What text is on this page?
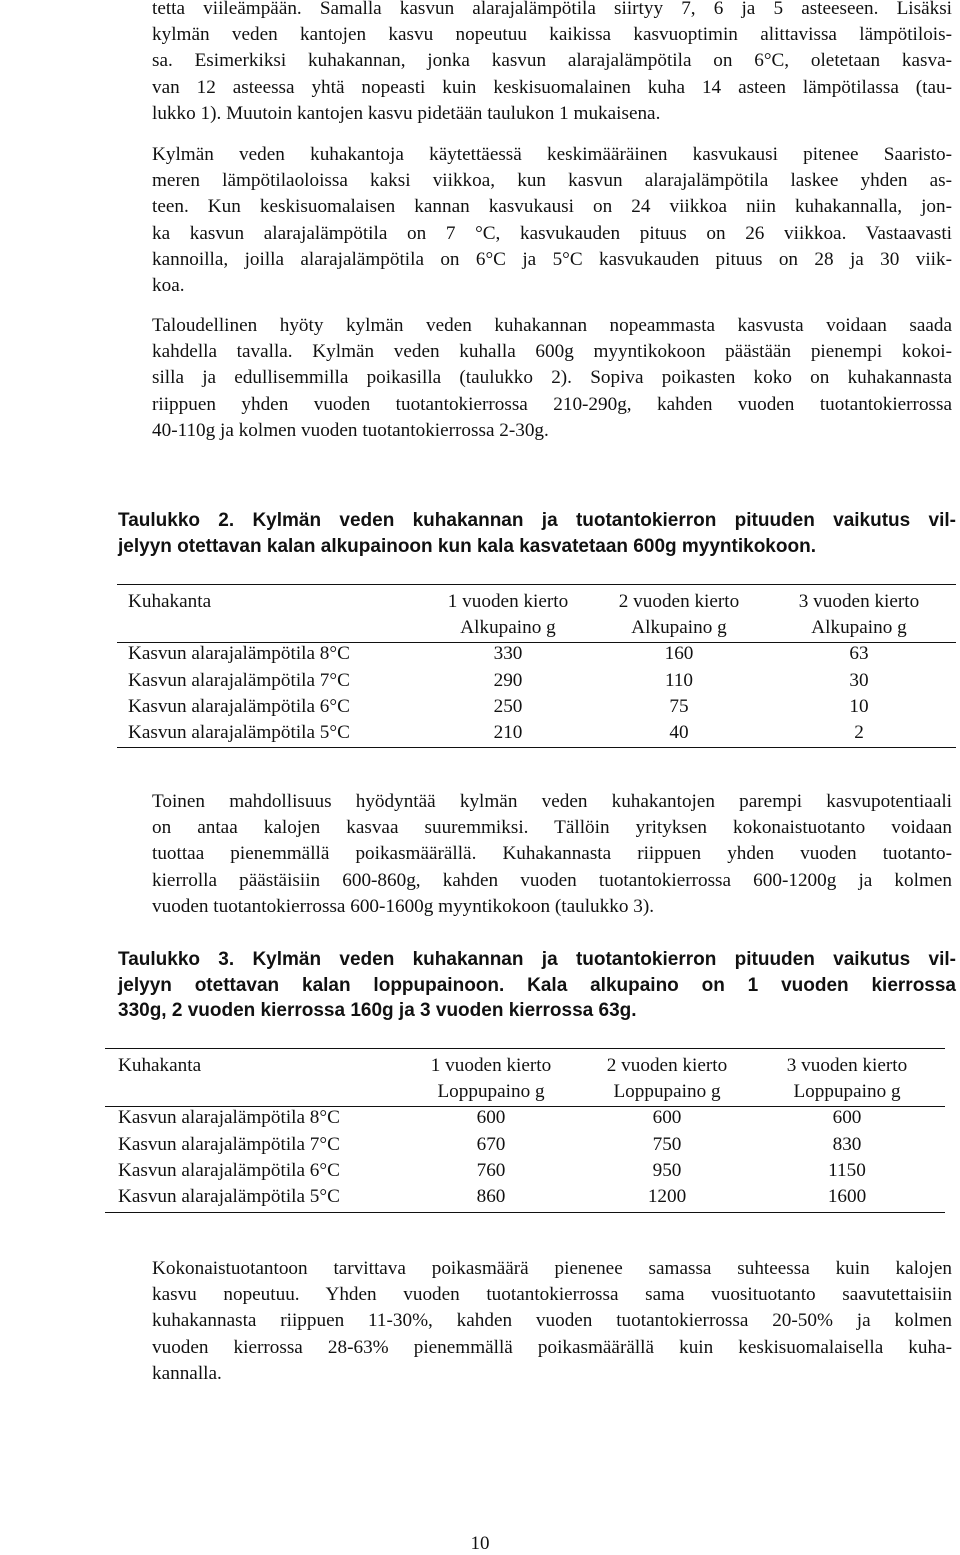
tetta viileämpään. Samalla kasvun alarajalämpötila siirtyy 7, 6 ja 5 asteeseen. Lisäksi
kylmän veden kantojen kasvu nopeutuu kaikissa kasvuoptimin alittavissa lämpötilois-
sa. Esimerkiksi kuhakannan, jonka kasvun alarajalämpötila on 6°C, oletetaan kasva-
van 12 asteessa yhtä nopeasti kuin keskisuomalainen kuha 14 asteen lämpötilassa (tau-
lukko 1). Muutoin kantojen kasvu pidetään taulukon 1 mukaisena.

Kylmän veden kuhakantoja käytettäessä keskimääräinen kasvukausi pitenee Saaristo-
meren lämpötilaoloissa kaksi viikkoa, kun kasvun alarajalämpötila laskee yhden as-
teen. Kun keskisuomalaisen kannan kasvukausi on 24 viikkoa niin kuhakannalla, jon-
ka kasvun alarajalämpötila on 7 °C, kasvukauden pituus on 26 viikkoa. Vastaavasti
kannoilla, joilla alarajalämpötila on 6°C ja 5°C kasvukauden pituus on 28 ja 30 viik-
koa.

Taloudellinen hyöty kylmän veden kuhakannan nopeammasta kasvusta voidaan saada
kahdella tavalla. Kylmän veden kuhalla 600g myyntikokoon päästään pienempi kokoi-
silla ja edullisemmilla poikasilla (taulukko 2). Sopiva poikasten koko on kuhakannasta
riippuen yhden vuoden tuotantokierrossa 210-290g, kahden vuoden tuotantokierrossa
40-110g ja kolmen vuoden tuotantokierrossa 2-30g.

Taulukko 2. Kylmän veden kuhakannan ja tuotantokierron pituuden vaikutus vil-
jelyyn otettavan kalan alkupainoon kun kala kasvatetaan 600g myyntikokoon.

Kuhakanta	1 vuoden kierto	2 vuoden kierto	3 vuoden kierto
	Alkupaino g	Alkupaino g	Alkupaino g
Kasvun alarajalämpötila 8°C	330	160	63
Kasvun alarajalämpötila 7°C	290	110	30
Kasvun alarajalämpötila 6°C	250	75	10
Kasvun alarajalämpötila 5°C	210	40	2

Toinen mahdollisuus hyödyntää kylmän veden kuhakantojen parempi kasvupotentiaali
on antaa kalojen kasvaa suuremmiksi. Tällöin yrityksen kokonaistuotanto voidaan
tuottaa pienemmällä poikasmäärällä. Kuhakannasta riippuen yhden vuoden tuotanto-
kierrolla päästäisiin 600-860g, kahden vuoden tuotantokierrossa 600-1200g ja kolmen
vuoden tuotantokierrossa 600-1600g myyntikokoon (taulukko 3).

Taulukko 3. Kylmän veden kuhakannan ja tuotantokierron pituuden vaikutus vil-
jelyyn otettavan kalan loppupainoon. Kala alkupaino on 1 vuoden kierrossa
330g, 2 vuoden kierrossa 160g ja 3 vuoden kierrossa 63g.

Kuhakanta	1 vuoden kierto	2 vuoden kierto	3 vuoden kierto
	Loppupaino g	Loppupaino g	Loppupaino g
Kasvun alarajalämpötila 8°C	600	600	600
Kasvun alarajalämpötila 7°C	670	750	830
Kasvun alarajalämpötila 6°C	760	950	1150
Kasvun alarajalämpötila 5°C	860	1200	1600

Kokonaistuotantoon tarvittava poikasmäärä pienenee samassa suhteessa kuin kalojen
kasvu nopeutuu. Yhden vuoden tuotantokierrossa sama vuosituotanto saavutettaisiin
kuhakannasta riippuen 11-30%, kahden vuoden tuotantokierrossa 20-50% ja kolmen
vuoden kierrossa 28-63% pienemmällä poikasmäärällä kuin keskisuomalaisella kuha-
kannalla.

10
